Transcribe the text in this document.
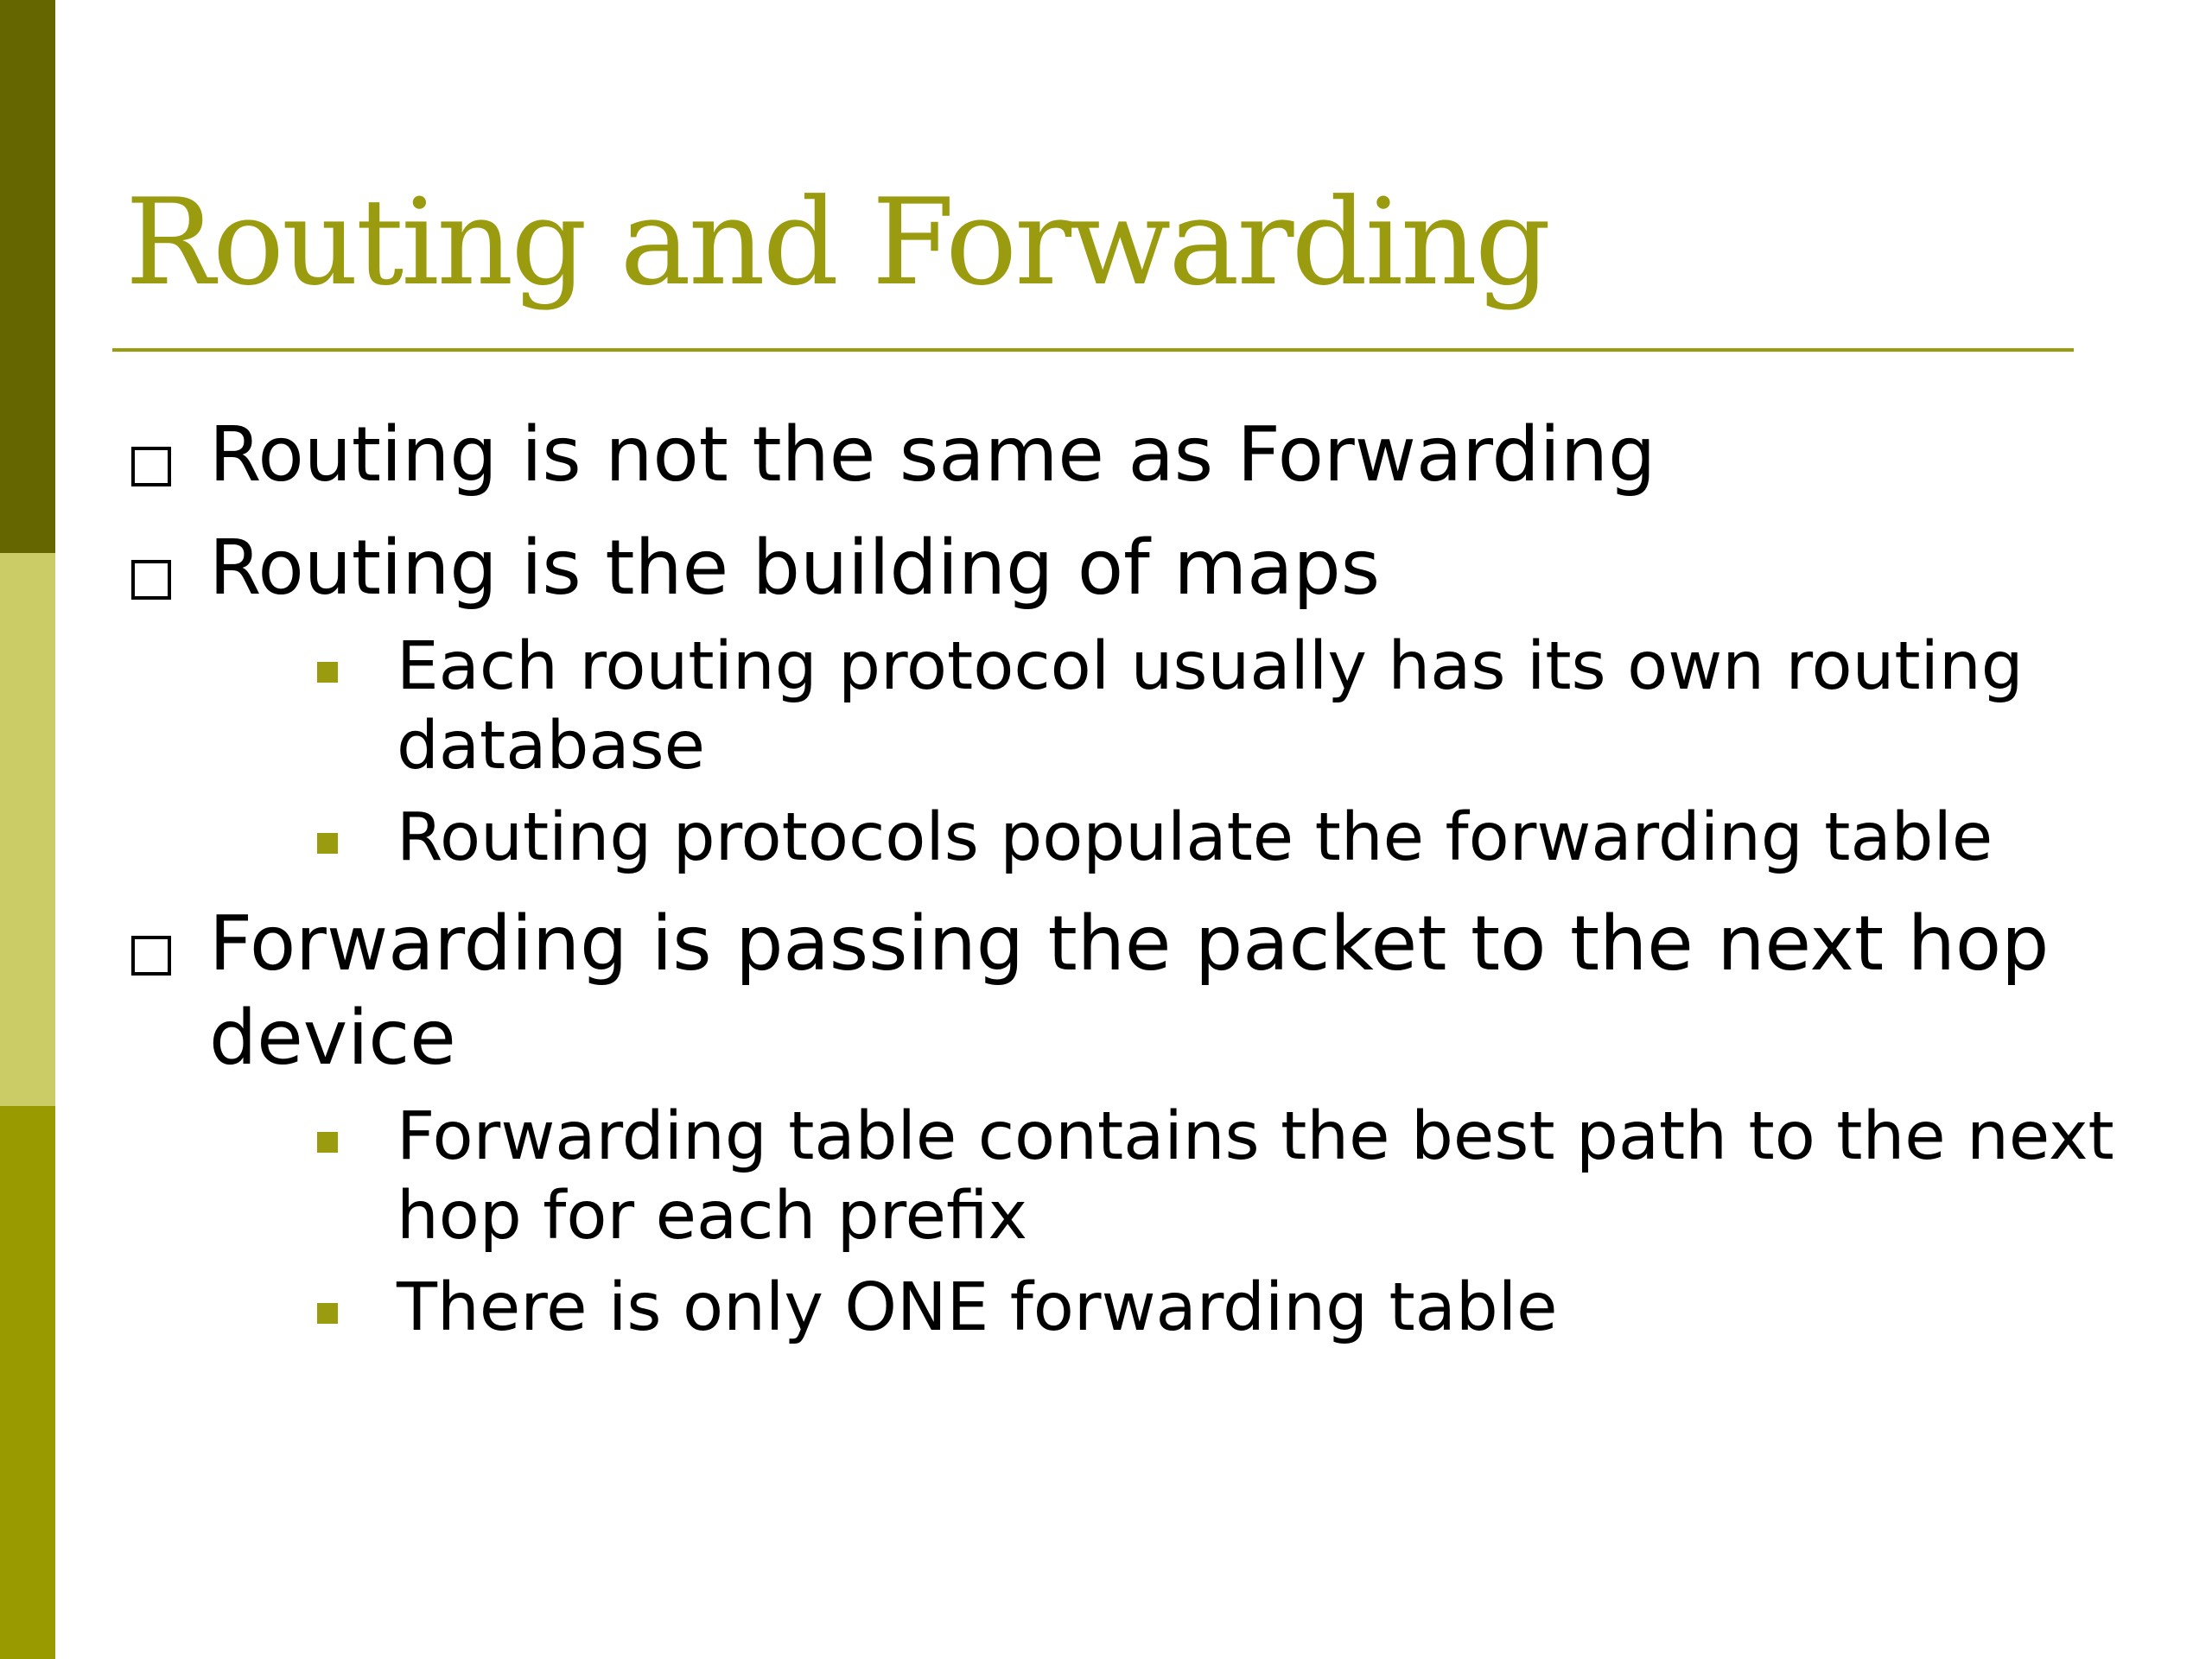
Routing and Forwarding
Routing is not the same as Forwarding
Routing is the building of maps
Each routing protocol usually has its own routing database
Routing protocols populate the forwarding table
Forwarding is passing the packet to the next hop device
Forwarding table contains the best path to the next hop for each prefix
There is only ONE forwarding table
